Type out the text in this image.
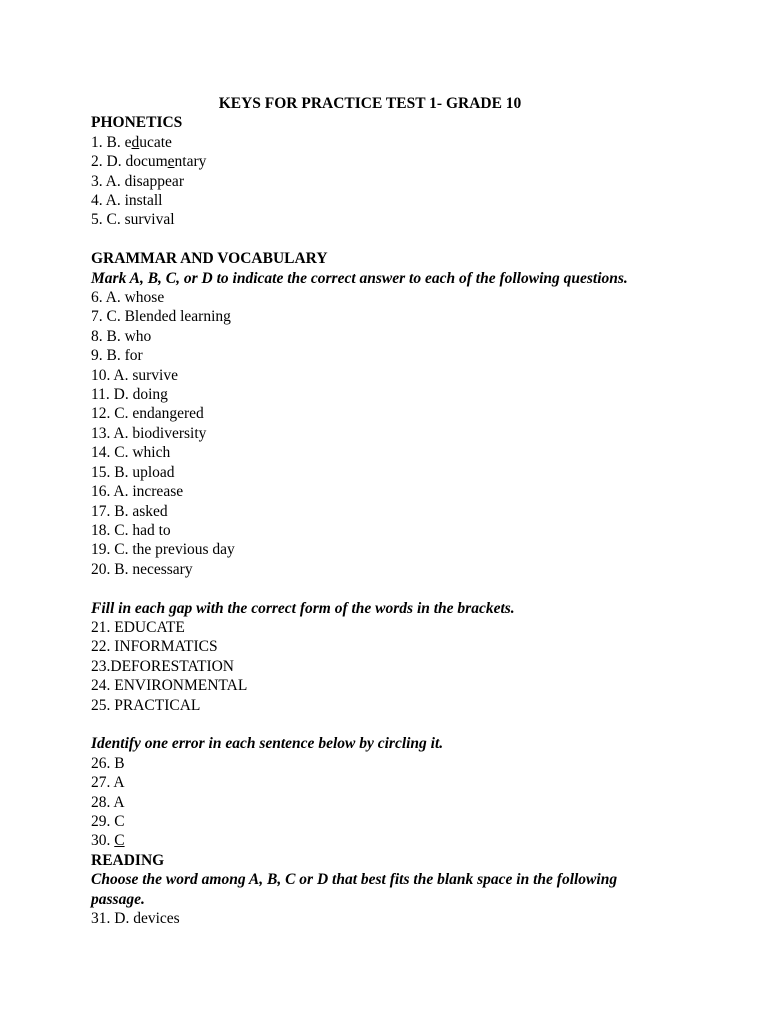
KEYS FOR PRACTICE TEST 1- GRADE 10
PHONETICS
1. B. educate
2. D. documentary
3. A. disappear
4. A. install
5. C. survival
GRAMMAR AND VOCABULARY
Mark A, B, C, or D to indicate the correct answer to each of the following questions.
6. A. whose
7. C. Blended learning
8. B. who
9. B. for
10. A. survive
11. D. doing
12. C. endangered
13. A. biodiversity
14. C. which
15. B. upload
16. A. increase
17. B. asked
18. C. had to
19. C. the previous day
20. B. necessary
Fill in each gap with the correct form of the words in the brackets.
21. EDUCATE
22. INFORMATICS
23.DEFORESTATION
24. ENVIRONMENTAL
25. PRACTICAL
Identify one error in each sentence below by circling it.
26. B
27. A
28. A
29. C
30. C
READING
Choose the word among A, B, C or D that best fits the blank space in the following
passage.
31. D. devices
